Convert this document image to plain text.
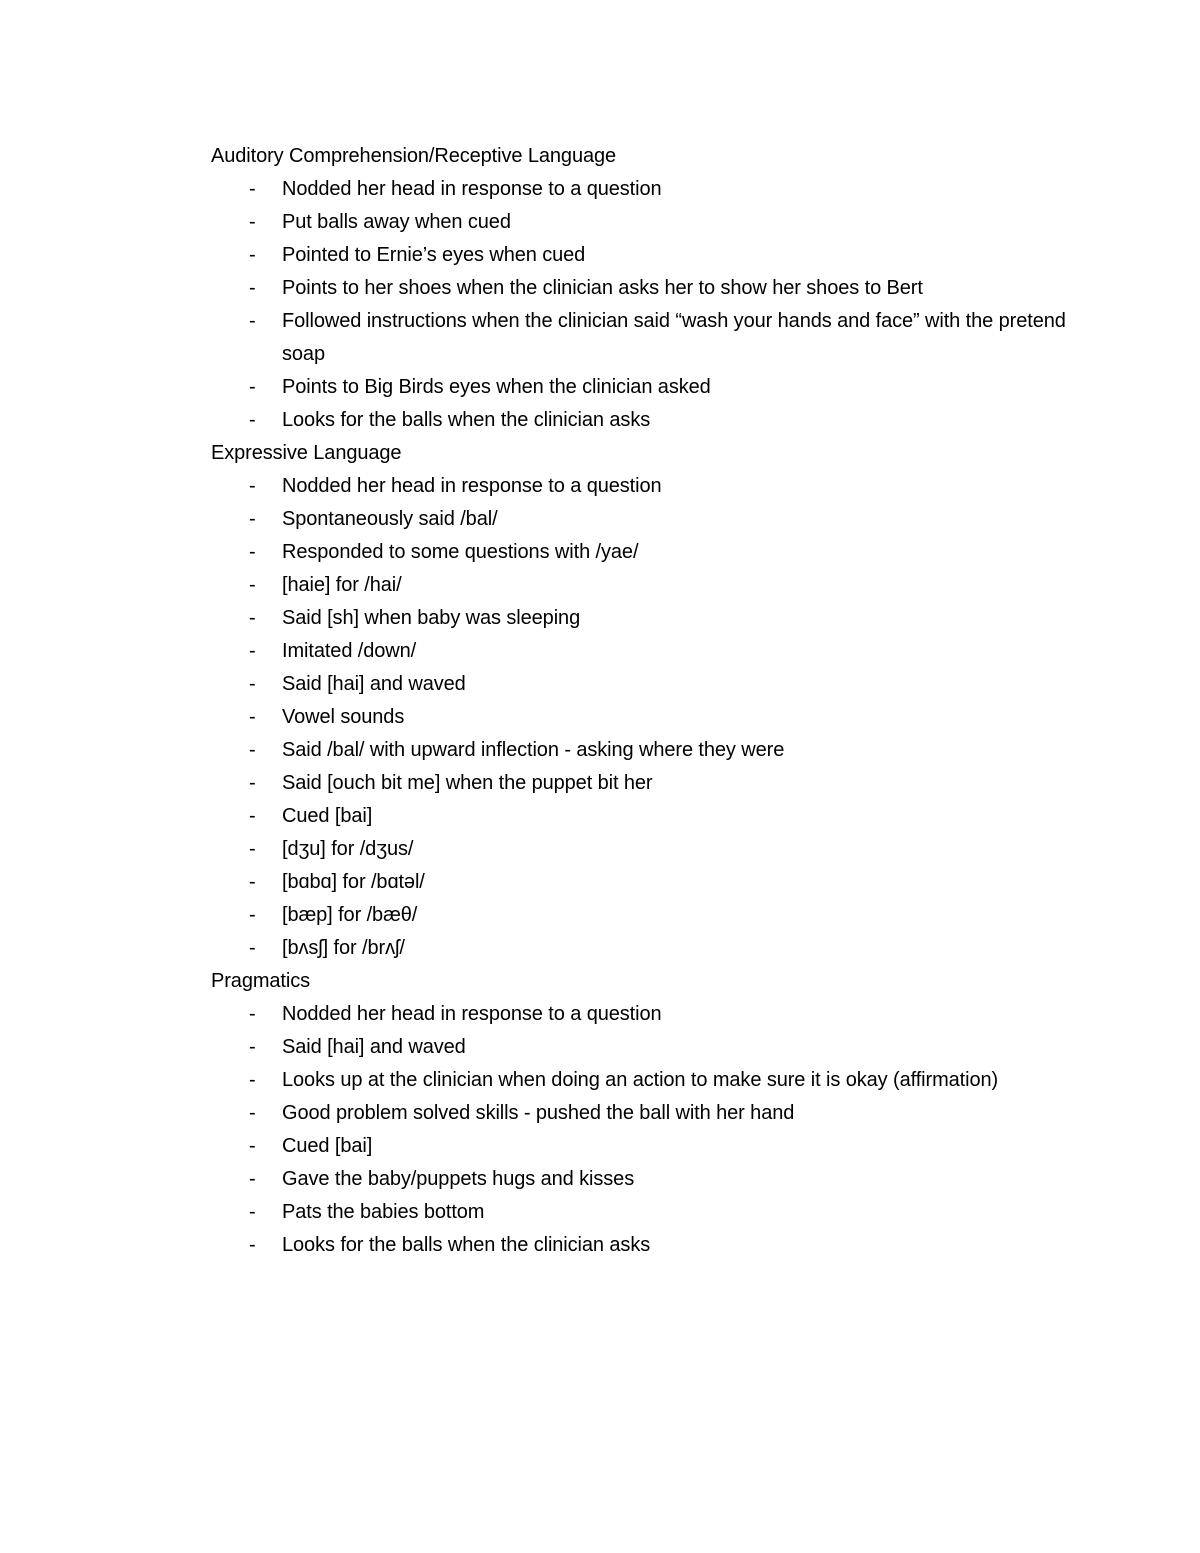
Auditory Comprehension/Receptive Language
- Nodded her head in response to a question
- Put balls away when cued
- Pointed to Ernie’s eyes when cued
- Points to her shoes when the clinician asks her to show her shoes to Bert
- Followed instructions when the clinician said “wash your hands and face” with the pretend soap
- Points to Big Birds eyes when the clinician asked
- Looks for the balls when the clinician asks
Expressive Language
- Nodded her head in response to a question
- Spontaneously said /bal/
- Responded to some questions with /yae/
- [haie] for /hai/
- Said [sh] when baby was sleeping
- Imitated /down/
- Said [hai] and waved
- Vowel sounds
- Said /bal/ with upward inflection - asking where they were
- Said [ouch bit me] when the puppet bit her
- Cued [bai]
- [dʒu] for /dʒus/
- [bɑbɑ] for /bɑtəl/
- [bæp] for /bæθ/
- [bʌsʃ] for /brʌʃ/
Pragmatics
- Nodded her head in response to a question
- Said [hai] and waved
- Looks up at the clinician when doing an action to make sure it is okay (affirmation)
- Good problem solved skills - pushed the ball with her hand
- Cued [bai]
- Gave the baby/puppets hugs and kisses
- Pats the babies bottom
- Looks for the balls when the clinician asks
